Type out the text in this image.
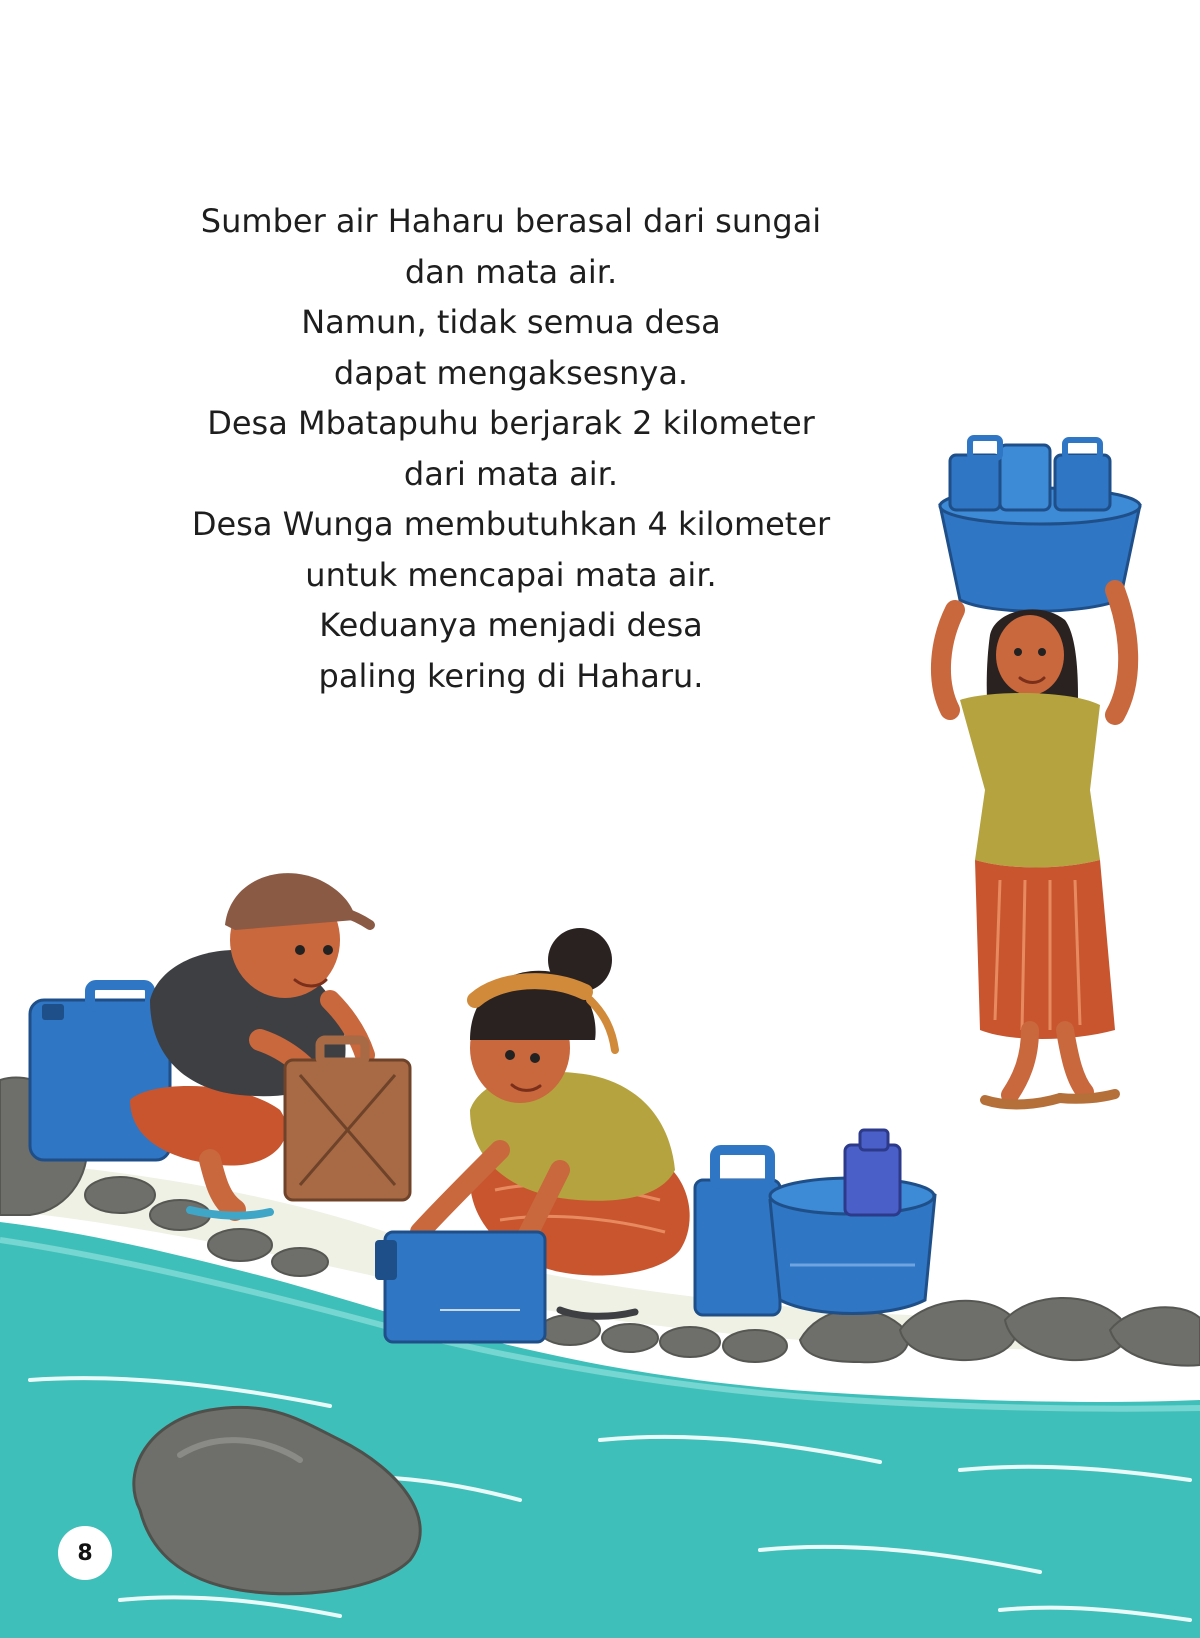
Sumber air Haharu berasal dari sungai
dan mata air.
Namun, tidak semua desa
dapat mengaksesnya.
Desa Mbatapuhu berjarak 2 kilometer
dari mata air.
Desa Wunga membutuhkan 4 kilometer
untuk mencapai mata air.
Keduanya menjadi desa
paling kering di Haharu.
8
